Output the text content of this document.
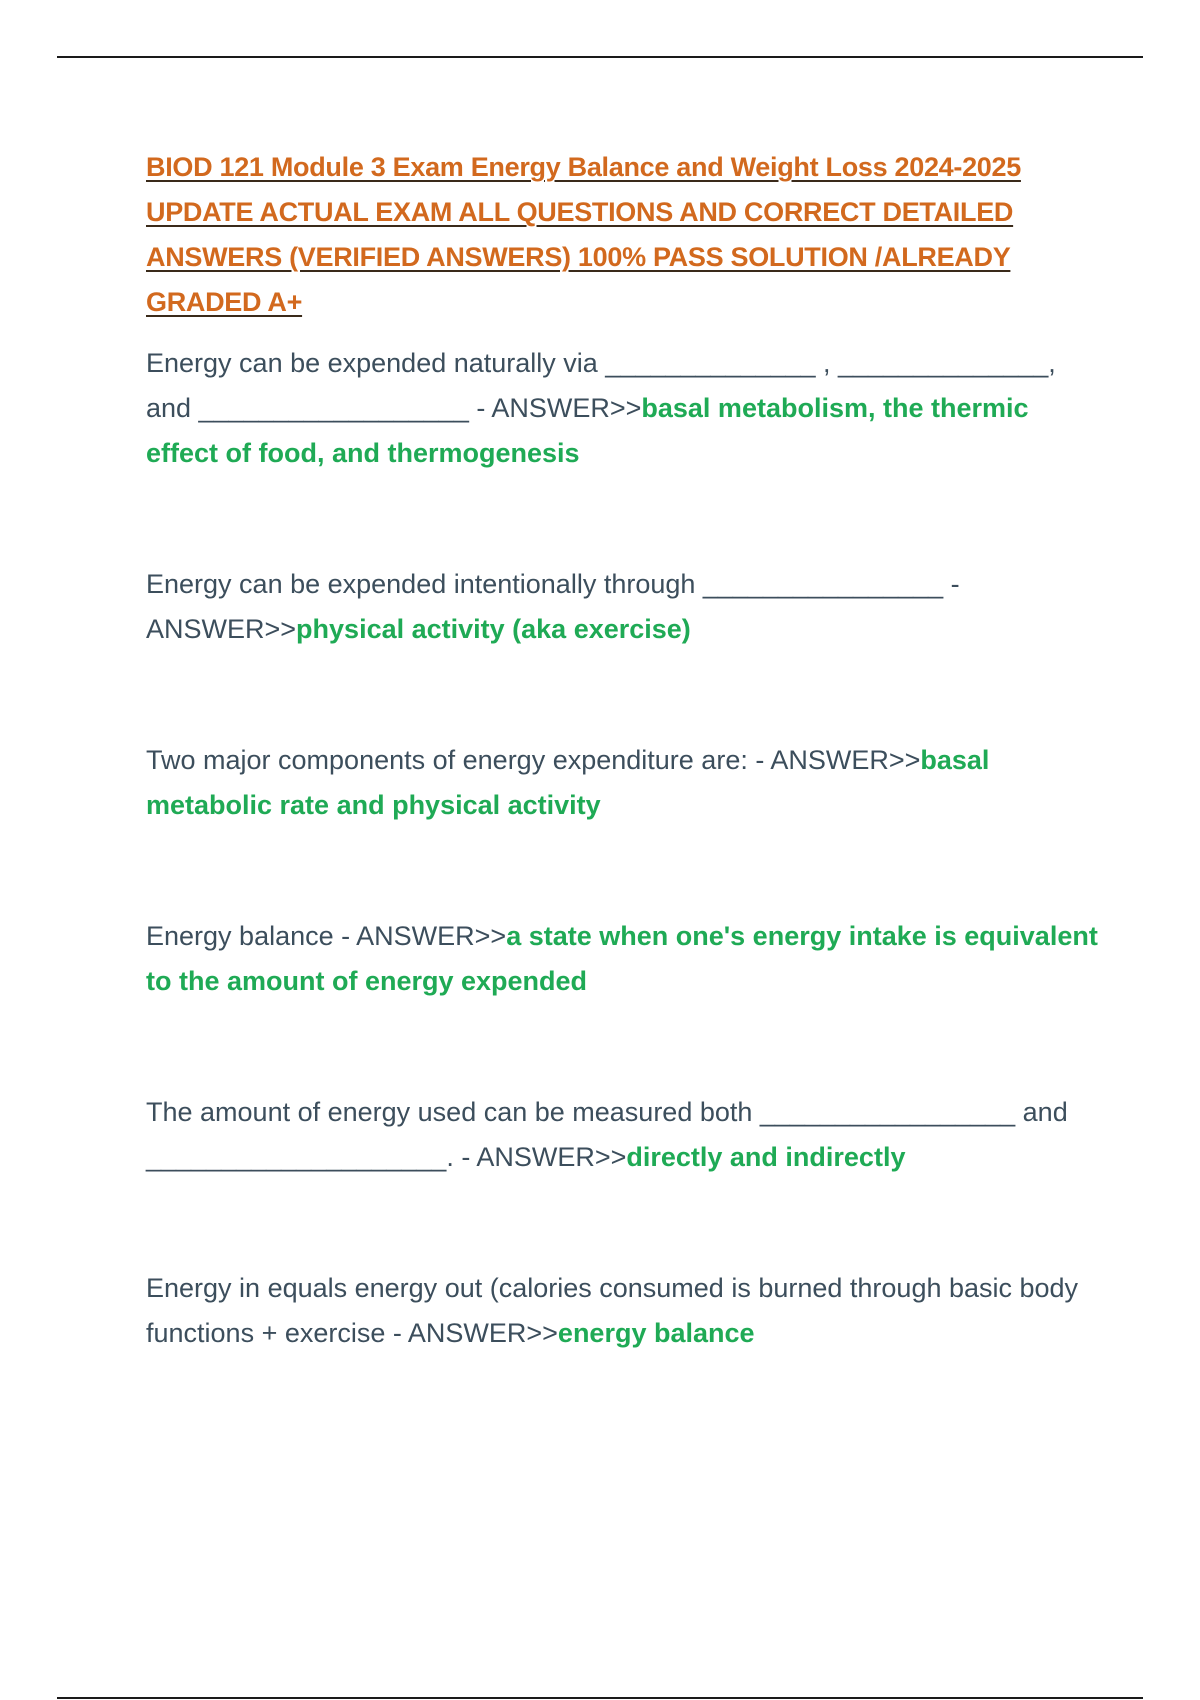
BIOD 121 Module 3 Exam Energy Balance and Weight Loss 2024-2025 UPDATE ACTUAL EXAM ALL QUESTIONS AND CORRECT DETAILED ANSWERS (VERIFIED ANSWERS) 100% PASS SOLUTION /ALREADY GRADED A+

Energy can be expended naturally via ______________ , ______________, and __________________ - ANSWER>>basal metabolism, the thermic effect of food, and thermogenesis

Energy can be expended intentionally through ________________ - ANSWER>>physical activity (aka exercise)

Two major components of energy expenditure are: - ANSWER>>basal metabolic rate and physical activity

Energy balance - ANSWER>>a state when one's energy intake is equivalent to the amount of energy expended

The amount of energy used can be measured both _________________ and ____________________. - ANSWER>>directly and indirectly

Energy in equals energy out (calories consumed is burned through basic body functions + exercise - ANSWER>>energy balance
